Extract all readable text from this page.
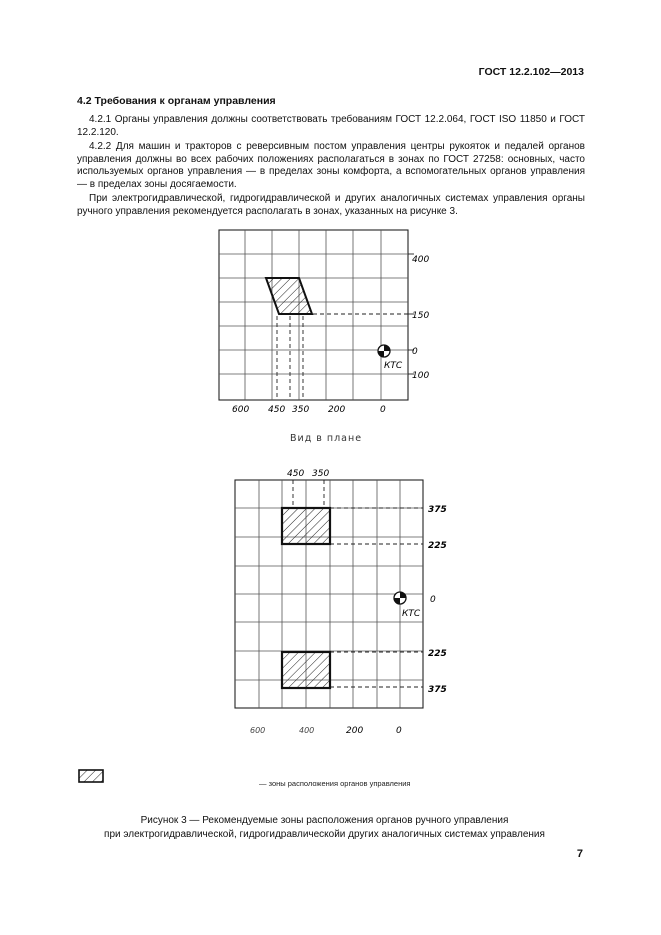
ГОСТ 12.2.102—2013
4.2 Требования к органам управления
4.2.1 Органы управления должны соответствовать требованиям ГОСТ 12.2.064, ГОСТ ISO 11850 и ГОСТ 12.2.120.
4.2.2 Для машин и тракторов с реверсивным постом управления центры рукояток и педалей органов управления должны во всех рабочих положениях располагаться в зонах по ГОСТ 27258: основных, часто используемых органов управления — в пределах зоны комфорта, а вспомогательных органов управления — в пределах зоны досягаемости.
При электрогидравлической, гидрогидравлической и других аналогичных системах управления органы ручного управления рекомендуется располагать в зонах, указанных на рисунке 3.
400
150
0
100
КТС
600 450 350 200	0
Вид в плане
КТС
450 350
375
225
0
225
375
600	400	200	0
— зоны расположения органов управления
Рисунок 3 — Рекомендуемые зоны расположения органов ручного управления
при электрогидравлической, гидрогидравлическойи других аналогичных системах управления
7
